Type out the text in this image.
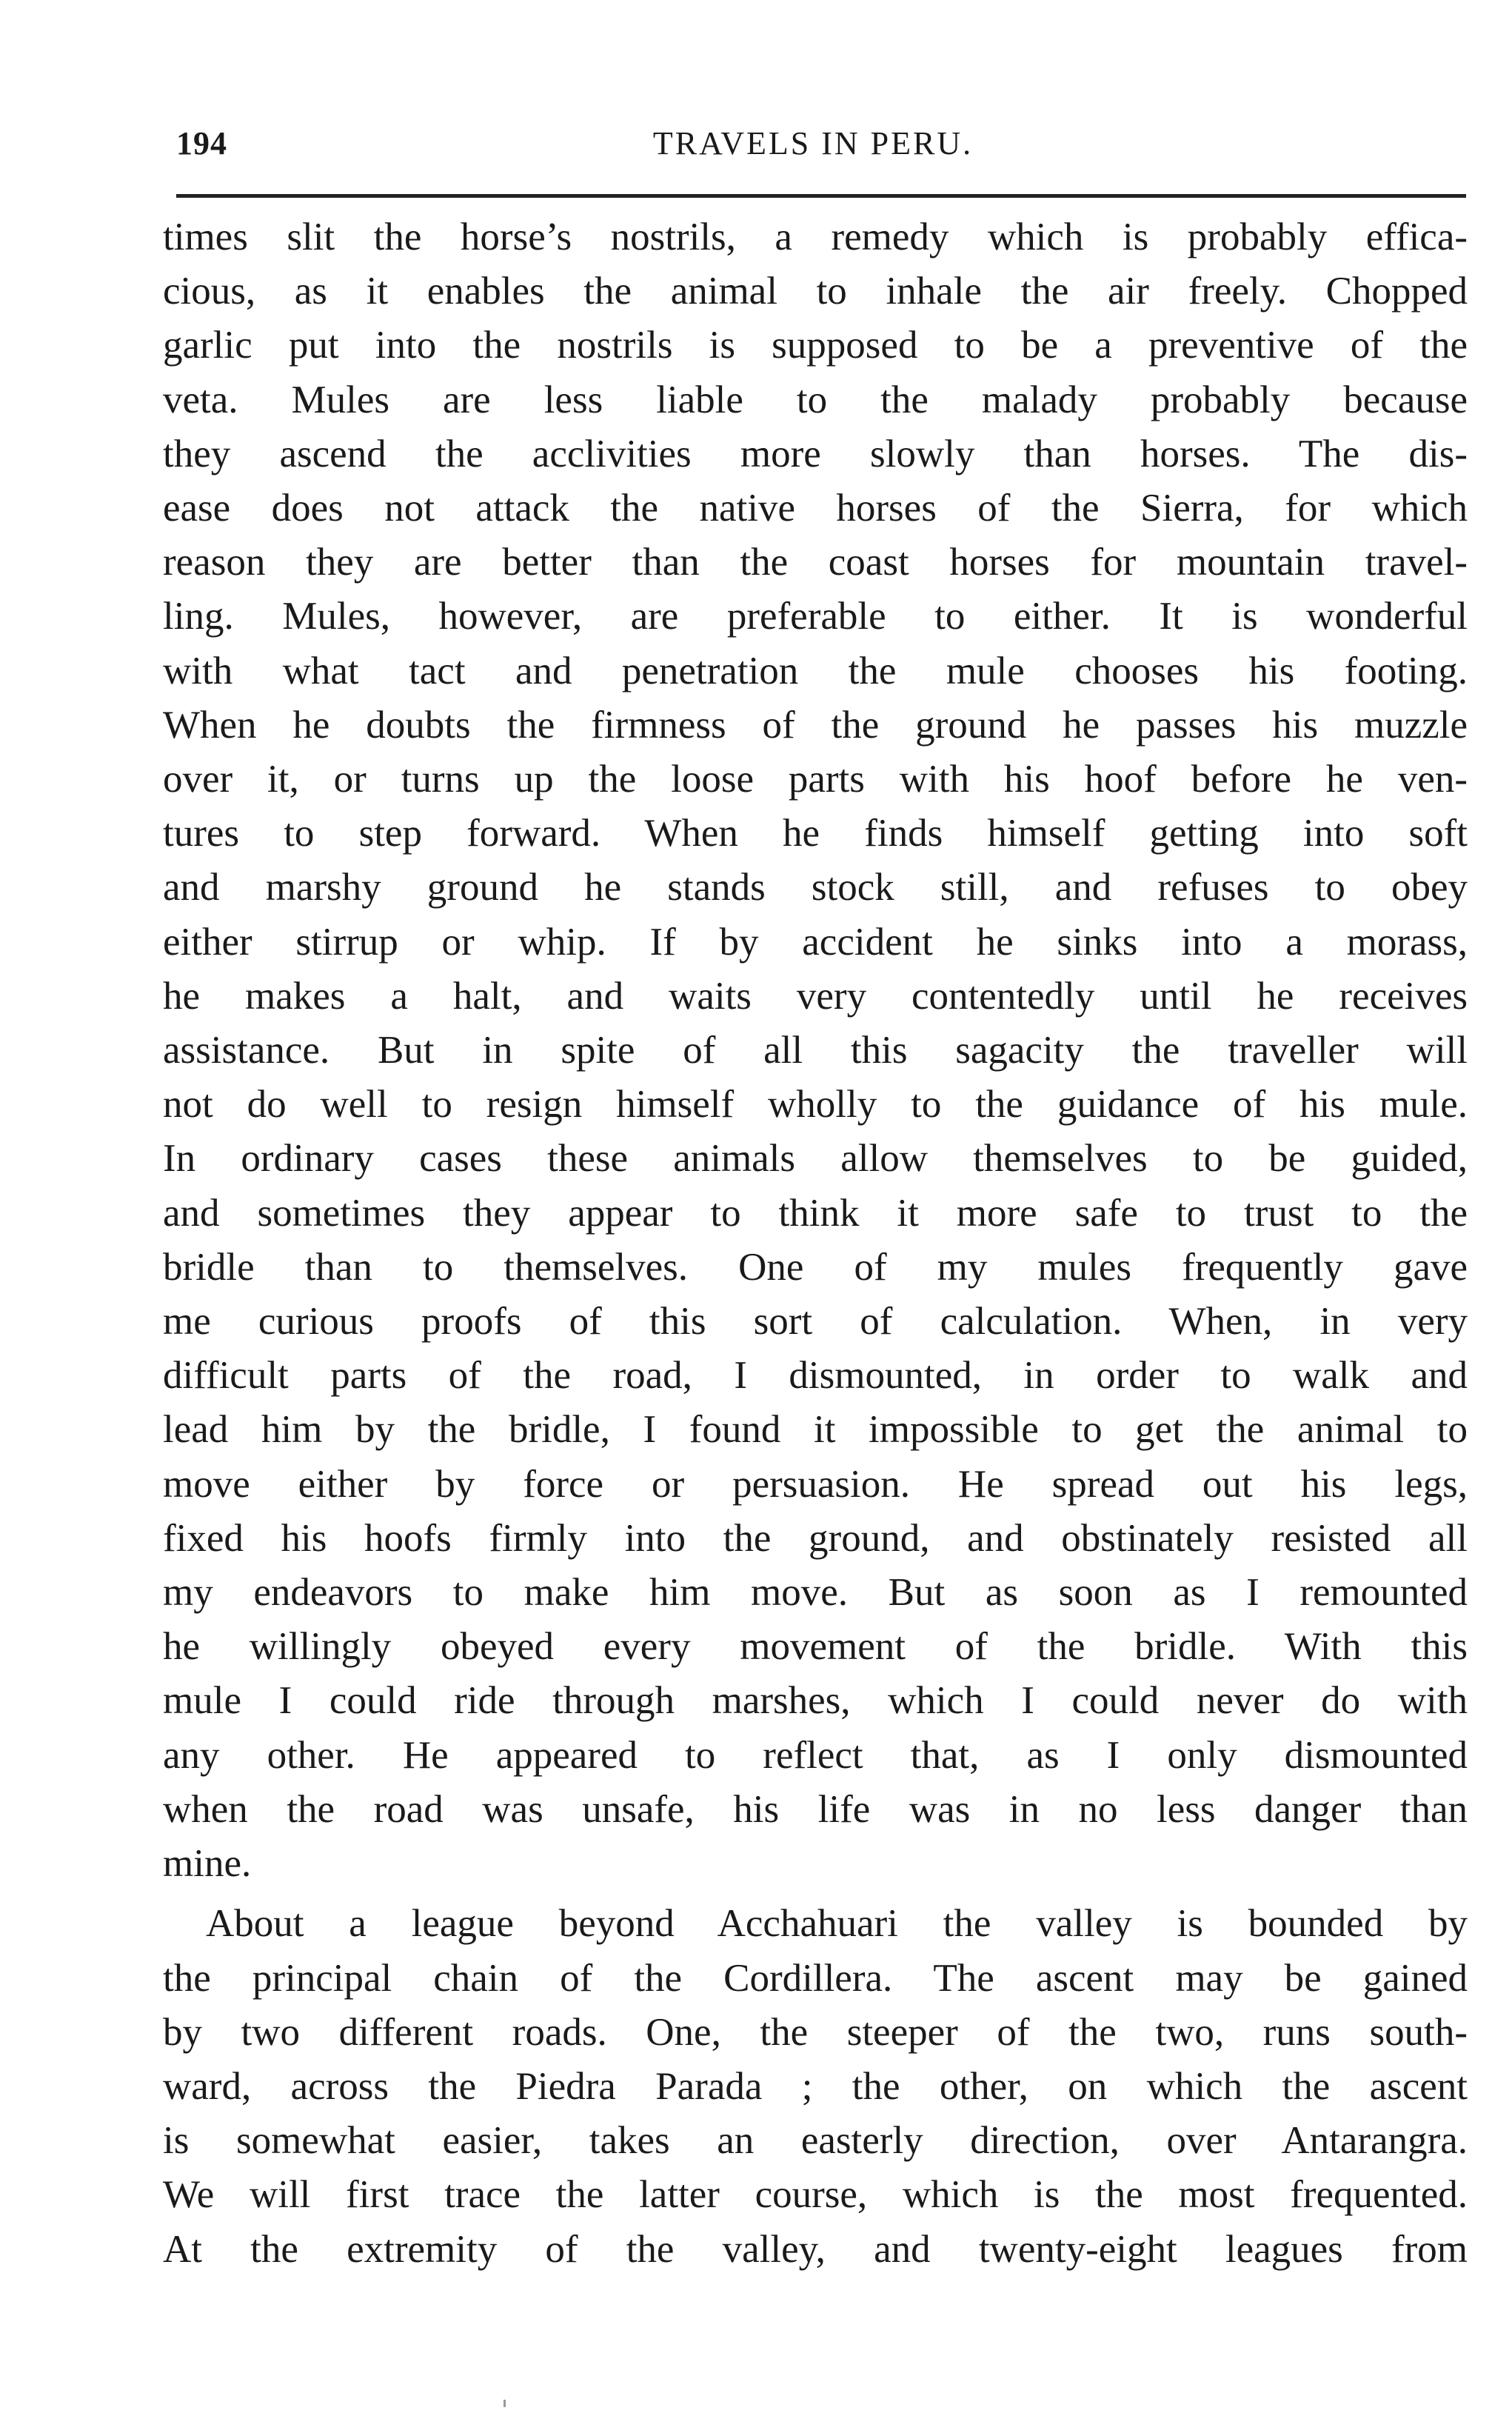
194	TRAVELS IN PERU.

times slit the horse’s nostrils, a remedy which is probably effica-

cious, as it enables the animal to inhale the air freely. Chopped

garlic put into the nostrils is supposed to be a preventive of the

veta. Mules are less liable to the malady probably because

they ascend the acclivities more slowly than horses. The dis-

ease does not attack the native horses of the Sierra, for which

reason they are better than the coast horses for mountain travel-

ling. Mules, however, are preferable to either. It is wonderful

with what tact and penetration the mule chooses his footing.

When he doubts the firmness of the ground he passes his muzzle

over it, or turns up the loose parts with his hoof before he ven-

tures to step forward. When he finds himself getting into soft

and marshy ground he stands stock still, and refuses to obey

either stirrup or whip. If by accident he sinks into a morass,

he makes a halt, and waits very contentedly until he receives

assistance. But in spite of all this sagacity the traveller will

not do well to resign himself wholly to the guidance of his mule.

In ordinary cases these animals allow themselves to be guided,

and sometimes they appear to think it more safe to trust to the

bridle than to themselves. One of my mules frequently gave

me curious proofs of this sort of calculation. When, in very

difficult parts of the road, I dismounted, in order to walk and

lead him by the bridle, I found it impossible to get the animal to

move either by force or persuasion. He spread out his legs,

fixed his hoofs firmly into the ground, and obstinately resisted all

my endeavors to make him move. But as soon as I remounted

he willingly obeyed every movement of the bridle. With this

mule I could ride through marshes, which I could never do with

any other. He appeared to reflect that, as I only dismounted

when the road was unsafe, his life was in no less danger than

mine.

About a league beyond Acchahuari the valley is bounded by

the principal chain of the Cordillera. The ascent may be gained

by two different roads. One, the steeper of the two, runs south-

ward, across the Piedra Parada ; the other, on which the ascent

is somewhat easier, takes an easterly direction, over Antarangra.

We will first trace the latter course, which is the most frequented.

At the extremity of the valley, and twenty-eight leagues from
